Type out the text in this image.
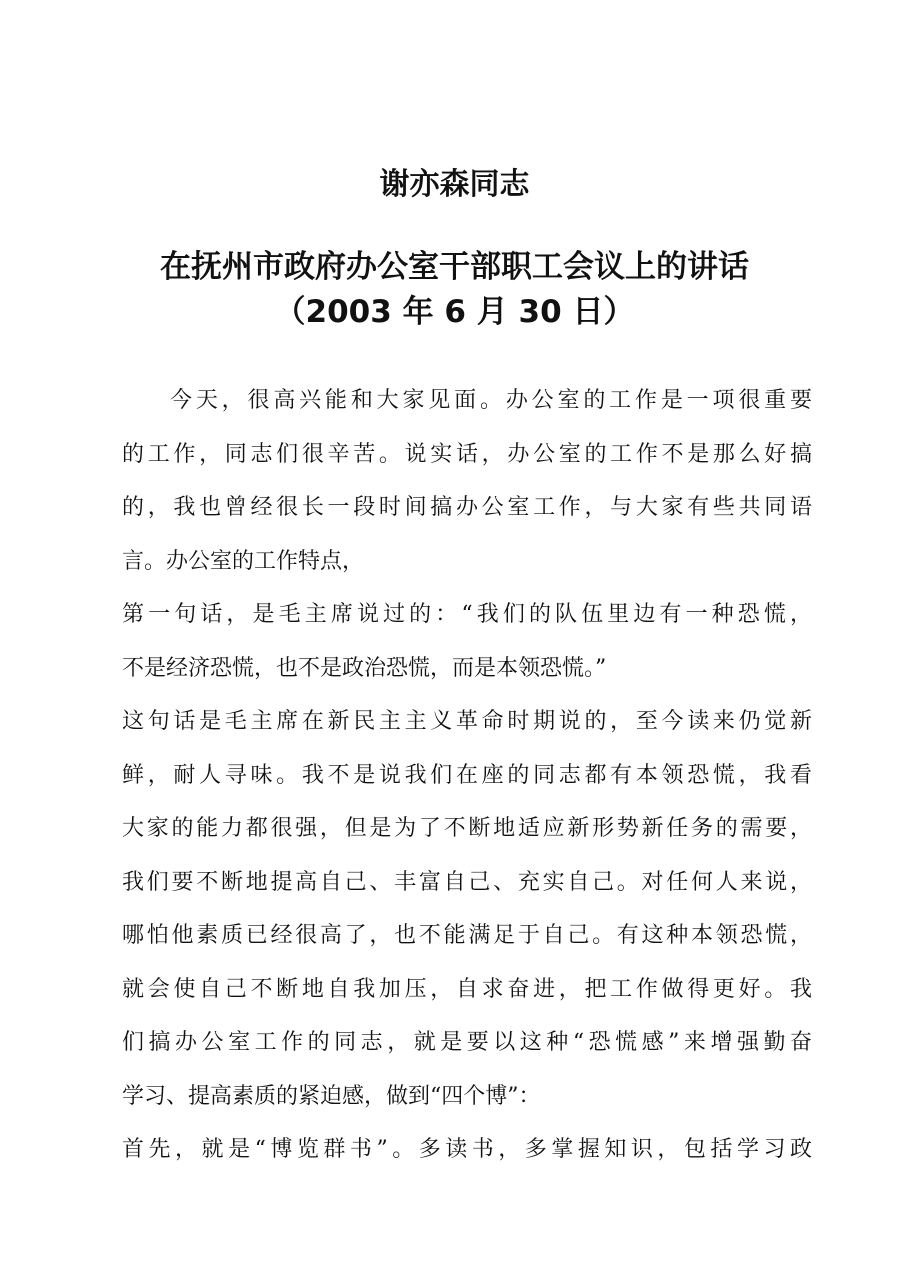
谢亦森同志
在抚州市政府办公室干部职工会议上的讲话
（2003 年 6 月 30 日）
今天，很高兴能和大家见面。办公室的工作是一项很重要
的工作，同志们很辛苦。说实话，办公室的工作不是那么好搞
的，我也曾经很长一段时间搞办公室工作，与大家有些共同语
言。办公室的工作特点，
第一句话，是毛主席说过的：“我们的队伍里边有一种恐慌，
不是经济恐慌，也不是政治恐慌，而是本领恐慌。”
这句话是毛主席在新民主主义革命时期说的，至今读来仍觉新
鲜，耐人寻味。我不是说我们在座的同志都有本领恐慌，我看
大家的能力都很强，但是为了不断地适应新形势新任务的需要，
我们要不断地提高自己、丰富自己、充实自己。对任何人来说，
哪怕他素质已经很高了，也不能满足于自己。有这种本领恐慌，
就会使自己不断地自我加压，自求奋进，把工作做得更好。我
们搞办公室工作的同志，就是要以这种“恐慌感”来增强勤奋
学习、提高素质的紧迫感，做到“四个博”：
首先，就是“博览群书”。多读书，多掌握知识，包括学习政
